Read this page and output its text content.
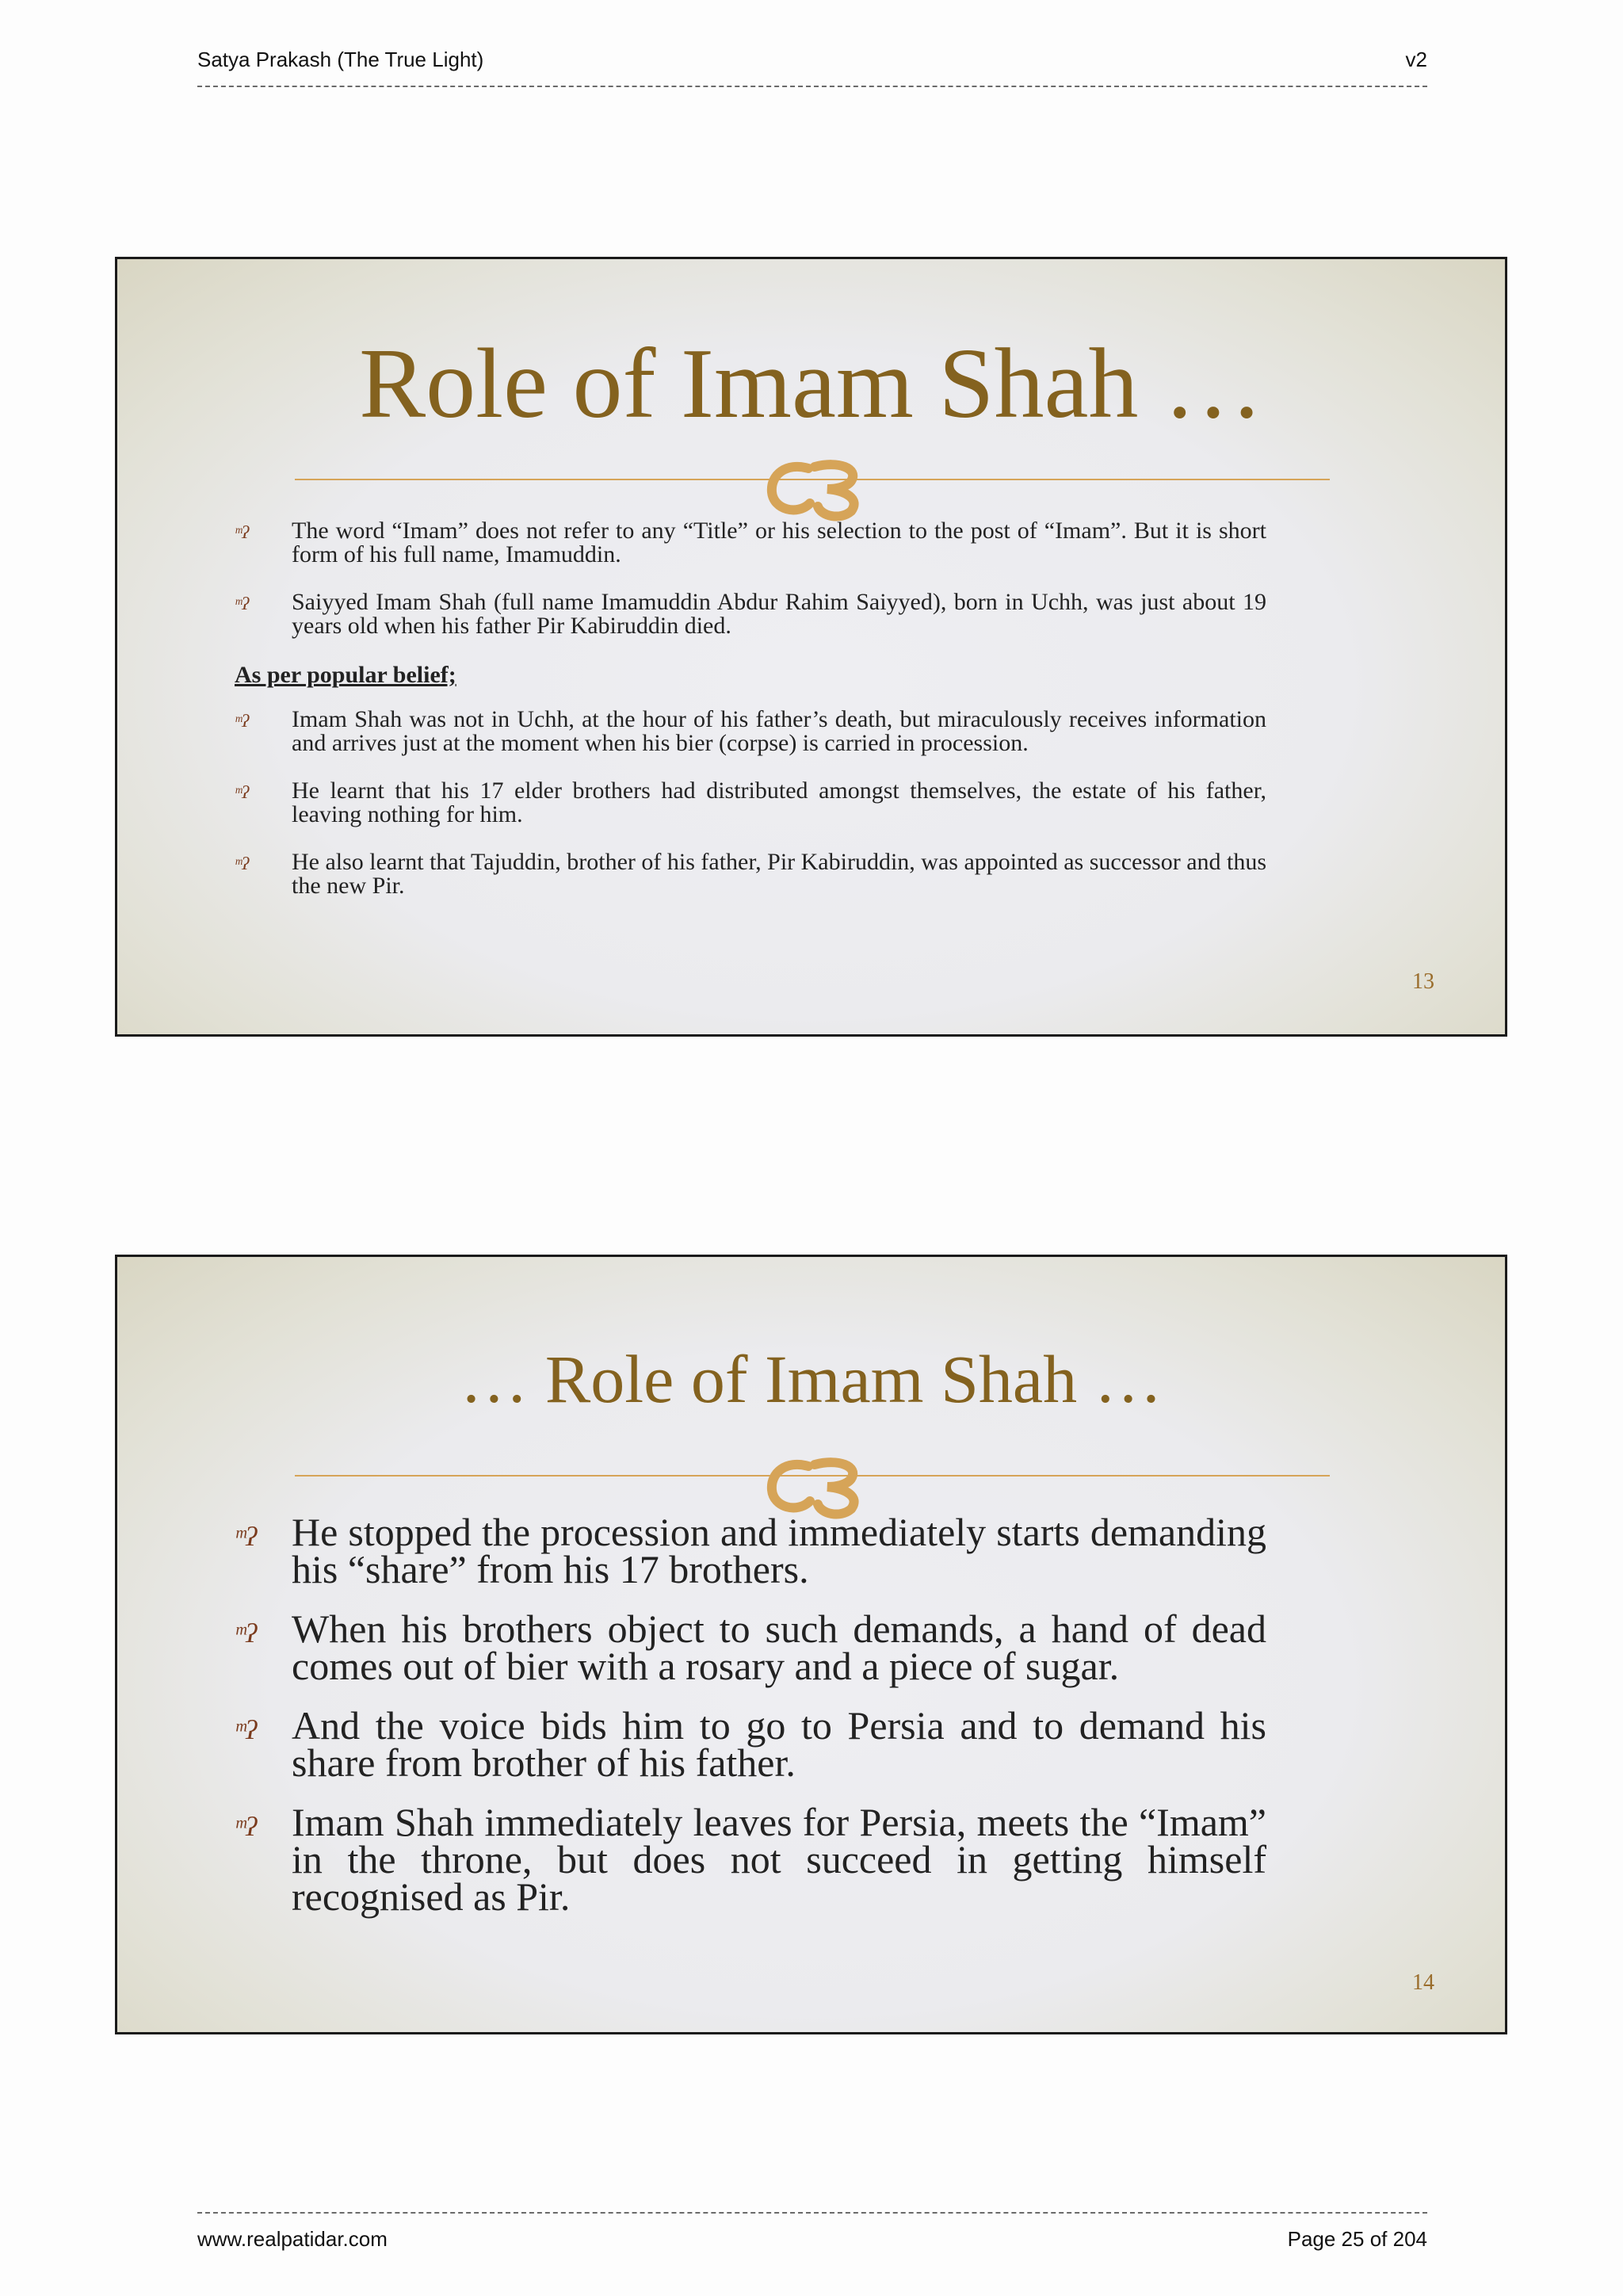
Satya Prakash (The True Light)	v2
Role of Imam Shah …
ᵐʔ The word “Imam” does not refer to any “Title” or his selection to the post of “Imam”. But it is short form of his full name, Imamuddin.
ᵐʔ Saiyyed Imam Shah (full name Imamuddin Abdur Rahim Saiyyed), born in Uchh, was just about 19 years old when his father Pir Kabiruddin died.
As per popular belief;
ᵐʔ Imam Shah was not in Uchh, at the hour of his father’s death, but miraculously receives information and arrives just at the moment when his bier (corpse) is carried in procession.
ᵐʔ He learnt that his 17 elder brothers had distributed amongst themselves, the estate of his father, leaving nothing for him.
ᵐʔ He also learnt that Tajuddin, brother of his father, Pir Kabiruddin, was appointed as successor and thus the new Pir.
13
… Role of Imam Shah …
ᵐʔ He stopped the procession and immediately starts demanding his “share” from his 17 brothers.
ᵐʔ When his brothers object to such demands, a hand of dead comes out of bier with a rosary and a piece of sugar.
ᵐʔ And the voice bids him to go to Persia and to demand his share from brother of his father.
ᵐʔ Imam Shah immediately leaves for Persia, meets the “Imam” in the throne, but does not succeed in getting himself recognised as Pir.
14
www.realpatidar.com	Page 25 of 204
